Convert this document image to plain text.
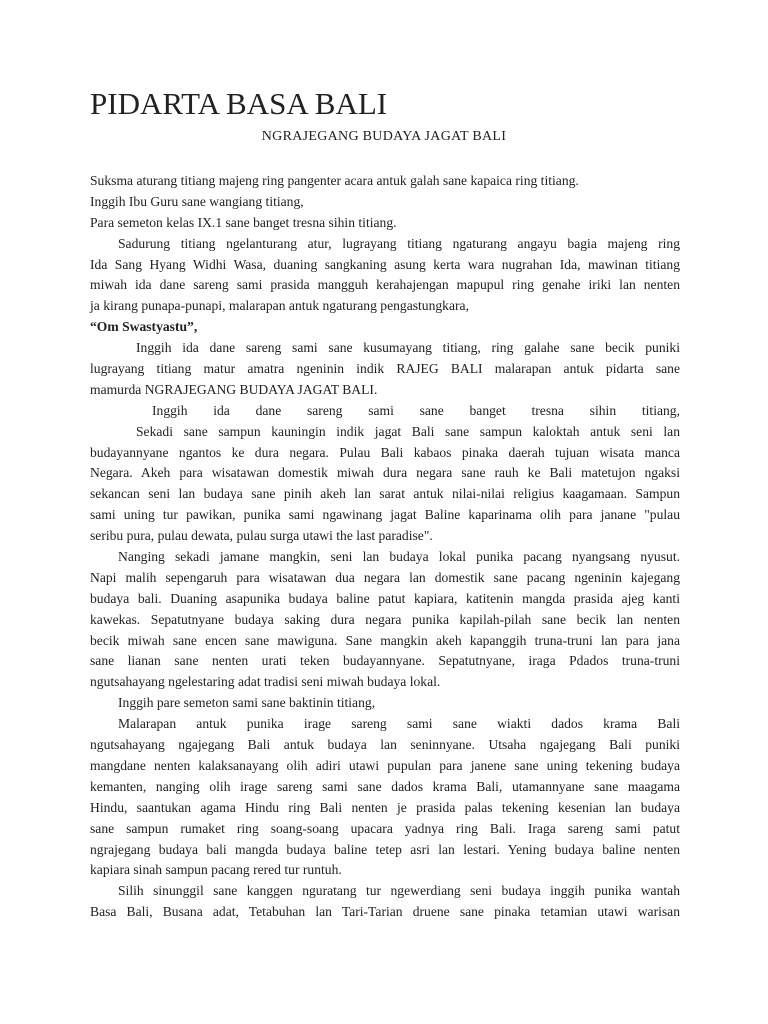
PIDARTA BASA BALI
NGRAJEGANG BUDAYA JAGAT BALI
Suksma aturang titiang majeng ring pangenter acara antuk galah sane kapaica ring titiang.
Inggih Ibu Guru sane wangiang titiang,
Para semeton kelas IX.1 sane banget tresna sihin titiang.
Sadurung titiang ngelanturang atur, lugrayang titiang ngaturang angayu bagia majeng ring
Ida Sang Hyang Widhi Wasa, duaning sangkaning asung kerta wara nugrahan Ida, mawinan titiang
miwah ida dane sareng sami prasida mangguh kerahajengan mapupul ring genahe iriki lan nenten
ja kirang punapa-punapi, malarapan antuk ngaturang pengastungkara,
“Om Swastyastu”,
Inggih ida dane sareng sami sane kusumayang titiang, ring galahe sane becik puniki
lugrayang titiang matur amatra ngeninin indik RAJEG BALI malarapan antuk pidarta sane
mamurda NGRAJEGANG BUDAYA JAGAT BALI.
Inggih ida dane sareng sami sane banget tresna sihin titiang,
Sekadi sane sampun kauningin indik jagat Bali sane sampun kaloktah antuk seni lan
budayannyane ngantos ke dura negara. Pulau Bali kabaos pinaka daerah tujuan wisata manca
Negara. Akeh para wisatawan domestik miwah dura negara sane rauh ke Bali matetujon ngaksi
sekancan seni lan budaya sane pinih akeh lan sarat antuk nilai-nilai religius kaagamaan. Sampun
sami uning tur pawikan, punika sami ngawinang jagat Baline kaparinama olih para janane "pulau
seribu pura, pulau dewata, pulau surga utawi the last paradise".
Nanging sekadi jamane mangkin, seni lan budaya lokal punika pacang nyangsang nyusut.
Napi malih sepengaruh para wisatawan dua negara lan domestik sane pacang ngeninin kajegang
budaya bali. Duaning asapunika budaya baline patut kapiara, katitenin mangda prasida ajeg kanti
kawekas. Sepatutnyane budaya saking dura negara punika kapilah-pilah sane becik lan nenten
becik miwah sane encen sane mawiguna. Sane mangkin akeh kapanggih truna-truni lan para jana
sane lianan sane nenten urati teken budayannyane. Sepatutnyane, iraga Pdados truna-truni
ngutsahayang ngelestaring adat tradisi seni miwah budaya lokal.
Inggih pare semeton sami sane baktinin titiang,
Malarapan antuk punika irage sareng sami sane wiakti dados krama Bali
ngutsahayang ngajegang Bali antuk budaya lan seninnyane. Utsaha ngajegang Bali puniki
mangdane nenten kalaksanayang olih adiri utawi pupulan para janene sane uning tekening budaya
kemanten, nanging olih irage sareng sami sane dados krama Bali, utamannyane sane maagama
Hindu, saantukan agama Hindu ring Bali nenten je prasida palas tekening kesenian lan budaya
sane sampun rumaket ring soang-soang upacara yadnya ring Bali. Iraga sareng sami patut
ngrajegang budaya bali mangda budaya baline tetep asri lan lestari. Yening budaya baline nenten
kapiara sinah sampun pacang rered tur runtuh.
Silih sinunggil sane kanggen nguratang tur ngewerdiang seni budaya inggih punika wantah
Basa Bali, Busana adat, Tetabuhan lan Tari-Tarian druene sane pinaka tetamian utawi warisan
